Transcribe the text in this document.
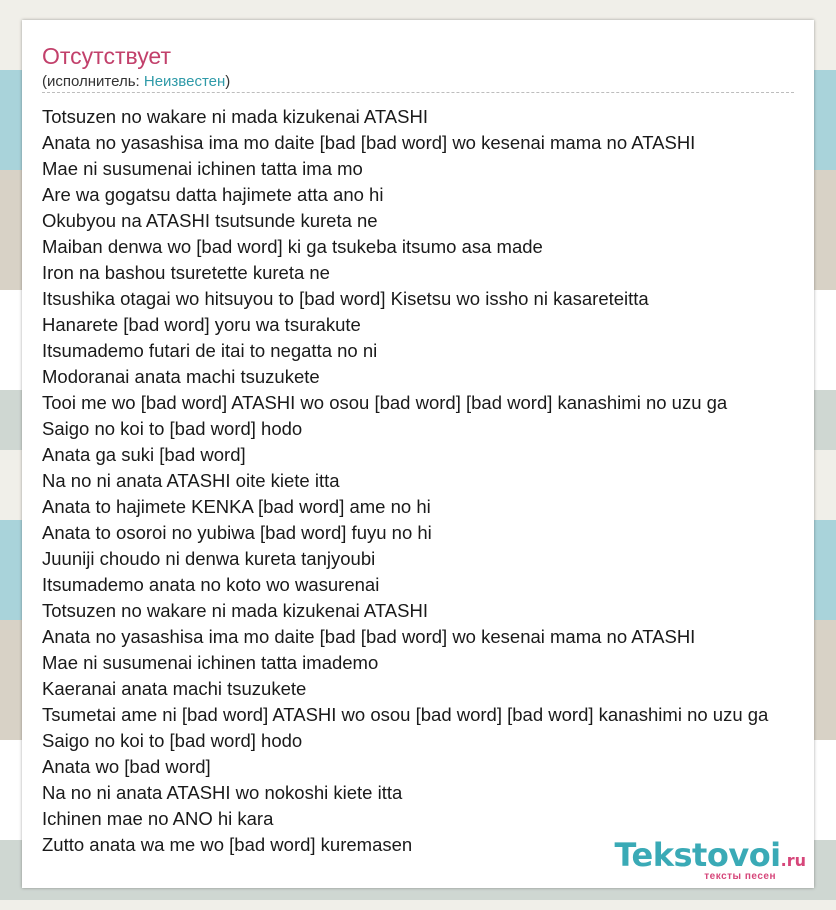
Отсутствует
(исполнитель: Неизвестен)
Totsuzen no wakare ni mada kizukenai ATASHI
Anata no yasashisa ima mo daite [bad [bad word] wo kesenai mama no ATASHI
Mae ni susumenai ichinen tatta ima mo
Are wa gogatsu datta hajimete atta ano hi
Okubyou na ATASHI tsutsunde kureta ne
Maiban denwa wo [bad word] ki ga tsukeba itsumo asa made
Iron na bashou tsuretette kureta ne
Itsushika otagai wo hitsuyou to [bad word] Kisetsu wo issho ni kasareteitta
Hanarete [bad word] yoru wa tsurakute
Itsumademo futari de itai to negatta no ni
Modoranai anata machi tsuzukete
Tooi me wo [bad word] ATASHI wo osou [bad word] [bad word] kanashimi no uzu ga
Saigo no koi to [bad word] hodo
Anata ga suki [bad word]
Na no ni anata ATASHI oite kiete itta
Anata to hajimete KENKA [bad word] ame no hi
Anata to osoroi no yubiwa [bad word] fuyu no hi
Juuniji choudo ni denwa kureta tanjyoubi
Itsumademo anata no koto wo wasurenai
Totsuzen no wakare ni mada kizukenai ATASHI
Anata no yasashisa ima mo daite [bad [bad word] wo kesenai mama no ATASHI
Mae ni susumenai ichinen tatta imademo
Kaeranai anata machi tsuzukete
Tsumetai ame ni [bad word] ATASHI wo osou [bad word] [bad word] kanashimi no uzu ga
Saigo no koi to [bad word] hodo
Anata wo [bad word]
Na no ni anata ATASHI wo nokoshi kiete itta
Ichinen mae no ANO hi kara
Zutto anata wa me wo [bad word] kuremasen	Tekstovoi.ru
тексты песен
